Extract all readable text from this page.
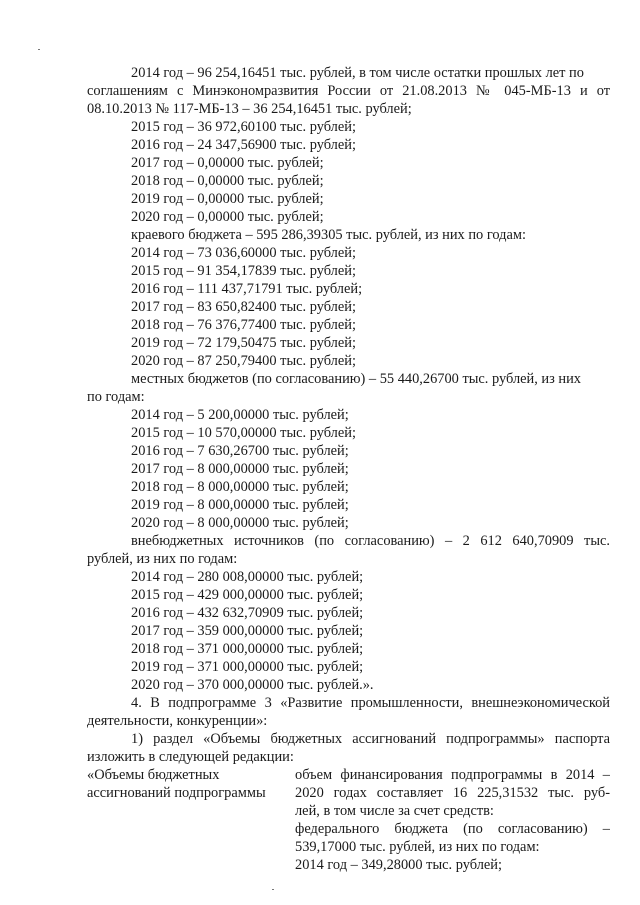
2014 год – 96 254,16451 тыс. рублей, в том числе остатки прошлых лет по
соглашениям с Минэкономразвития России от 21.08.2013 № 045-МБ-13 и от
08.10.2013 № 117-МБ-13 – 36 254,16451 тыс. рублей;
2015 год – 36 972,60100 тыс. рублей;
2016 год – 24 347,56900 тыс. рублей;
2017 год – 0,00000 тыс. рублей;
2018 год – 0,00000 тыс. рублей;
2019 год – 0,00000 тыс. рублей;
2020 год – 0,00000 тыс. рублей;
краевого бюджета – 595 286,39305 тыс. рублей, из них по годам:
2014 год – 73 036,60000 тыс. рублей;
2015 год – 91 354,17839 тыс. рублей;
2016 год – 111 437,71791 тыс. рублей;
2017 год – 83 650,82400 тыс. рублей;
2018 год – 76 376,77400 тыс. рублей;
2019 год – 72 179,50475 тыс. рублей;
2020 год – 87 250,79400 тыс. рублей;
местных бюджетов (по согласованию) – 55 440,26700 тыс. рублей, из них
по годам:
2014 год – 5 200,00000 тыс. рублей;
2015 год – 10 570,00000 тыс. рублей;
2016 год – 7 630,26700 тыс. рублей;
2017 год – 8 000,00000 тыс. рублей;
2018 год – 8 000,00000 тыс. рублей;
2019 год – 8 000,00000 тыс. рублей;
2020 год – 8 000,00000 тыс. рублей;
внебюджетных источников (по согласованию) – 2 612 640,70909 тыс.
рублей, из них по годам:
2014 год – 280 008,00000 тыс. рублей;
2015 год – 429 000,00000 тыс. рублей;
2016 год – 432 632,70909 тыс. рублей;
2017 год – 359 000,00000 тыс. рублей;
2018 год – 371 000,00000 тыс. рублей;
2019 год – 371 000,00000 тыс. рублей;
2020 год – 370 000,00000 тыс. рублей.».
4. В подпрограмме 3 «Развитие промышленности, внешнеэкономической
деятельности, конкуренции»:
1) раздел «Объемы бюджетных ассигнований подпрограммы» паспорта
изложить в следующей редакции:
«Объемы бюджетных
ассигнований подпрограммы
объем финансирования подпрограммы в 2014 –
2020 годах составляет 16 225,31532 тыс. руб-
лей, в том числе за счет средств:
федерального бюджета (по согласованию) –
539,17000 тыс. рублей, из них по годам:
2014 год – 349,28000 тыс. рублей;
